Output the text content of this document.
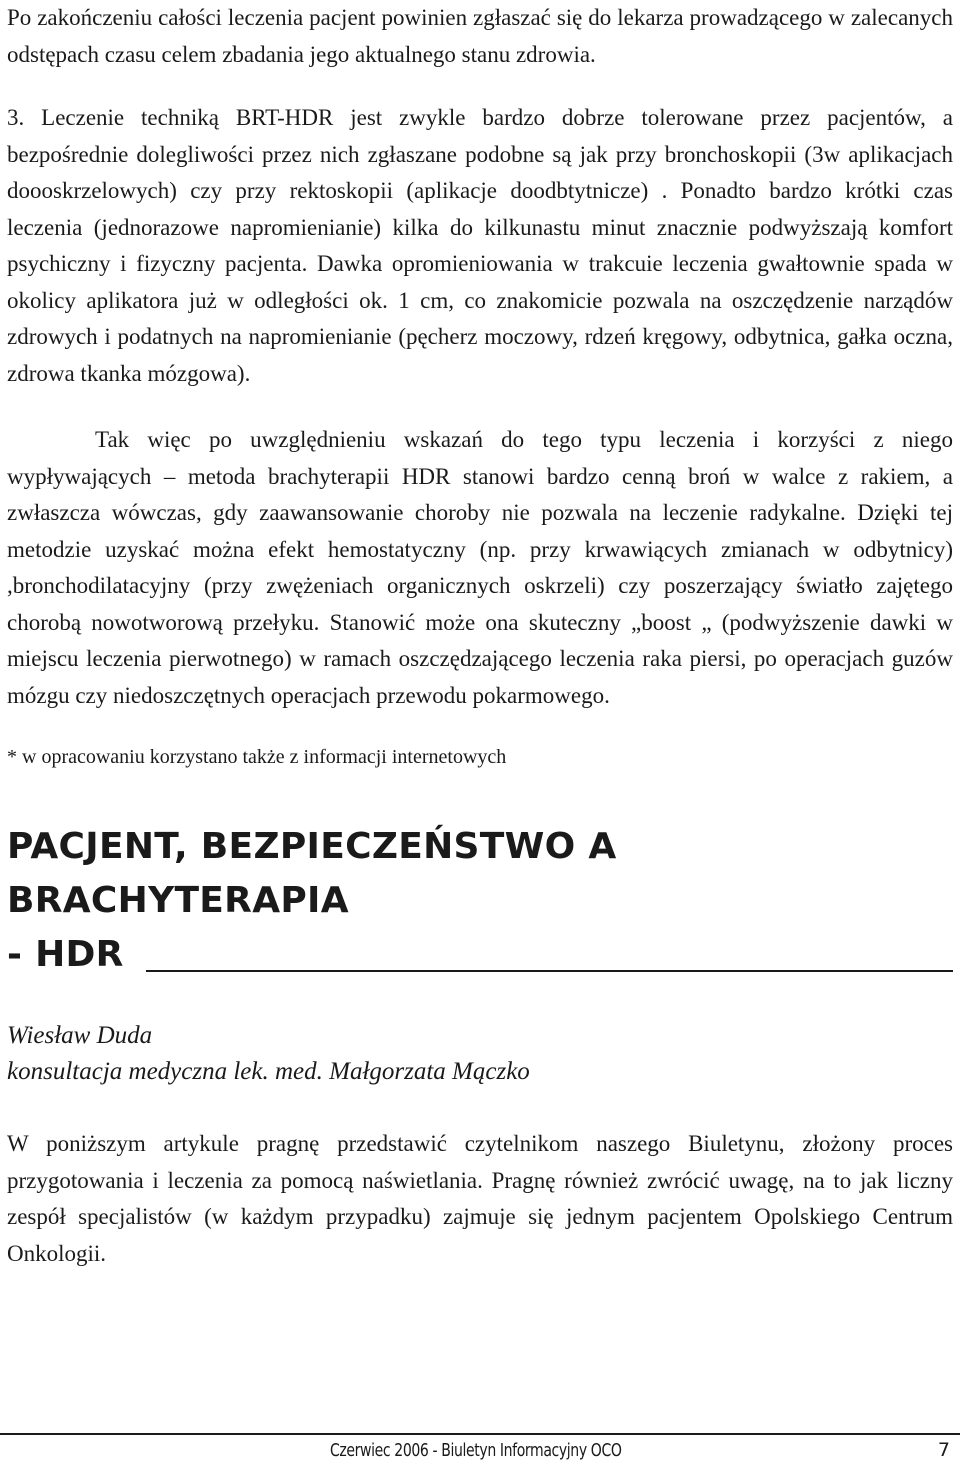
Po zakończeniu całości leczenia pacjent powinien zgłaszać się do lekarza prowadzącego w zalecanych odstępach czasu celem zbadania jego aktualnego stanu zdrowia.

3. Leczenie techniką BRT-HDR jest zwykle bardzo dobrze tolerowane przez pacjentów, a bezpośrednie dolegliwości przez nich zgłaszane podobne są jak przy bronchoskopii (3w aplikacjach doooskrzelowych) czy przy rektoskopii (aplikacje doodbtytnicze) . Ponadto bardzo krótki czas leczenia (jednorazowe napromienianie) kilka do kilkunastu minut znacznie podwyższają komfort psychiczny i fizyczny pacjenta. Dawka opromieniowania w trakcuie leczenia gwałtownie spada w okolicy aplikatora już w odległości ok. 1 cm, co znakomicie pozwala na oszczędzenie narządów zdrowych i podatnych na napromienianie (pęcherz moczowy, rdzeń kręgowy, odbytnica, gałka oczna, zdrowa tkanka mózgowa).

Tak więc po uwzględnieniu wskazań do tego typu leczenia i korzyści z niego wypływających – metoda brachyterapii HDR stanowi bardzo cenną broń w walce z rakiem, a zwłaszcza wówczas, gdy zaawansowanie choroby nie pozwala na leczenie radykalne. Dzięki tej metodzie uzyskać można efekt hemostatyczny (np. przy krwawiących zmianach w odbytnicy) ,bronchodilatacyjny (przy zwężeniach organicznych oskrzeli) czy poszerzający światło zajętego chorobą nowotworową przełyku. Stanowić może ona skuteczny „boost „ (podwyższenie dawki w miejscu leczenia pierwotnego) w ramach oszczędzającego leczenia raka piersi, po operacjach guzów mózgu czy niedoszczętnych operacjach przewodu pokarmowego.

* w opracowaniu korzystano także z informacji internetowych

PACJENT, BEZPIECZEŃSTWO A BRACHYTERAPIA
- HDR
Wiesław Duda
konsultacja medyczna lek. med. Małgorzata Mączko

W poniższym artykule pragnę przedstawić czytelnikom naszego Biuletynu, złożony proces przygotowania i leczenia za pomocą naświetlania. Pragnę również zwrócić uwagę, na to jak liczny zespół specjalistów (w każdym przypadku) zajmuje się jednym pacjentem Opolskiego Centrum Onkologii.

Czerwiec 2006 - Biuletyn Informacyjny OCO	7
